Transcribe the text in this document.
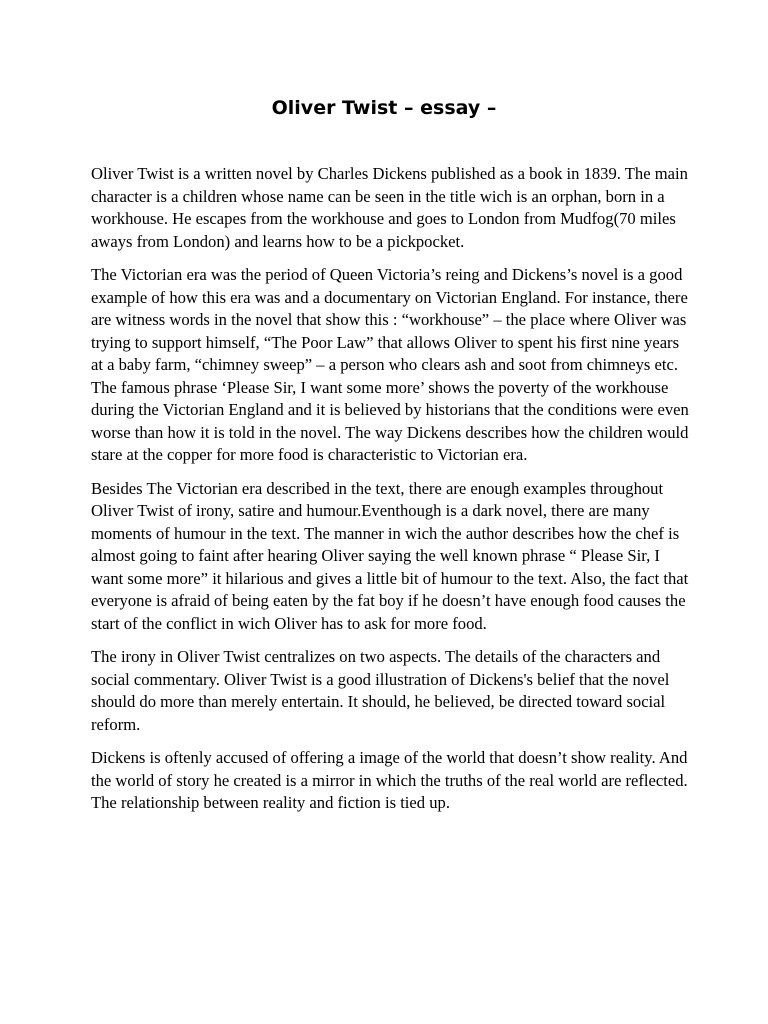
Oliver Twist – essay –

Oliver Twist is a written novel by Charles Dickens published as a book in 1839. The main character is a children whose name can be seen in the title wich is an orphan, born in a workhouse. He escapes from the workhouse and goes to London from Mudfog(70 miles aways from London) and learns how to be a pickpocket.

The Victorian era was the period of Queen Victoria’s reing and Dickens’s novel is a good example of how this era was and a documentary on Victorian England. For instance, there are witness words in the novel that show this : “workhouse” – the place where Oliver was trying to support himself, “The Poor Law” that allows Oliver to spent his first nine years at a baby farm, “chimney sweep” – a person who clears ash and soot from chimneys etc. The famous phrase ‘Please Sir, I want some more’ shows the poverty of the workhouse during the Victorian England and it is believed by historians that the conditions were even worse than how it is told in the novel. The way Dickens describes how the children would stare at the copper for more food is characteristic to Victorian era.

Besides The Victorian era described in the text, there are enough examples throughout Oliver Twist of irony, satire and humour.Eventhough is a dark novel, there are many moments of humour in the text. The manner in wich the author describes how the chef is almost going to faint after hearing Oliver saying the well known phrase “ Please Sir, I want some more” it hilarious and gives a little bit of humour to the text. Also, the fact that everyone is afraid of being eaten by the fat boy if he doesn’t have enough food causes the start of the conflict in wich Oliver has to ask for more food.

The irony in Oliver Twist centralizes on two aspects. The details of the characters and social commentary. Oliver Twist is a good illustration of Dickens's belief that the novel should do more than merely entertain. It should, he believed, be directed toward social reform.

Dickens is oftenly accused of offering a image of the world that doesn’t show reality. And the world of story he created is a mirror in which the truths of the real world are reflected. The relationship between reality and fiction is tied up.
